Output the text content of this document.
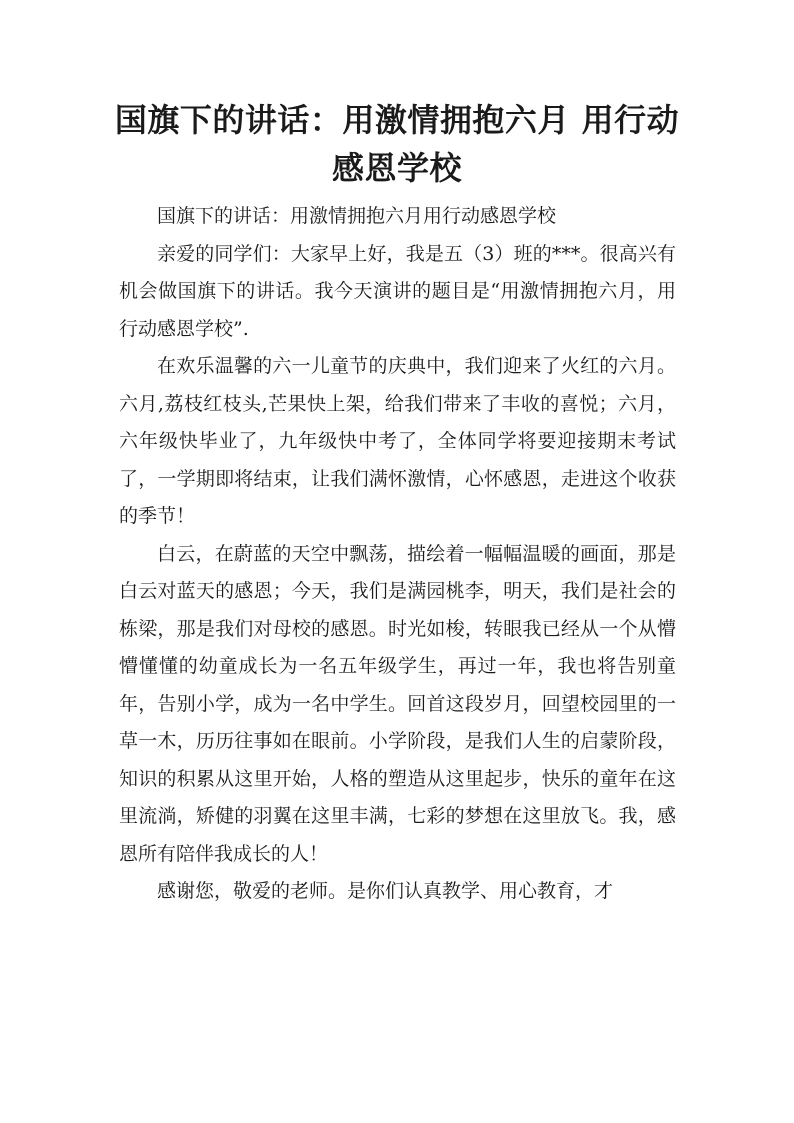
国旗下的讲话：用激情拥抱六月 用行动感恩学校

国旗下的讲话：用激情拥抱六月用行动感恩学校

亲爱的同学们：大家早上好，我是五（3）班的***。很高兴有机会做国旗下的讲话。我今天演讲的题目是“用激情拥抱六月，用行动感恩学校”.

在欢乐温馨的六一儿童节的庆典中，我们迎来了火红的六月。六月,荔枝红枝头,芒果快上架，给我们带来了丰收的喜悦；六月，六年级快毕业了，九年级快中考了，全体同学将要迎接期末考试了，一学期即将结束，让我们满怀激情，心怀感恩，走进这个收获的季节！

白云，在蔚蓝的天空中飘荡，描绘着一幅幅温暖的画面，那是白云对蓝天的感恩；今天，我们是满园桃李，明天，我们是社会的栋梁，那是我们对母校的感恩。时光如梭，转眼我已经从一个从懵懵懂懂的幼童成长为一名五年级学生，再过一年，我也将告别童年，告别小学，成为一名中学生。回首这段岁月，回望校园里的一草一木，历历往事如在眼前。小学阶段，是我们人生的启蒙阶段，知识的积累从这里开始，人格的塑造从这里起步，快乐的童年在这里流淌，矫健的羽翼在这里丰满，七彩的梦想在这里放飞。我，感恩所有陪伴我成长的人！

感谢您，敬爱的老师。是你们认真教学、用心教育，才
